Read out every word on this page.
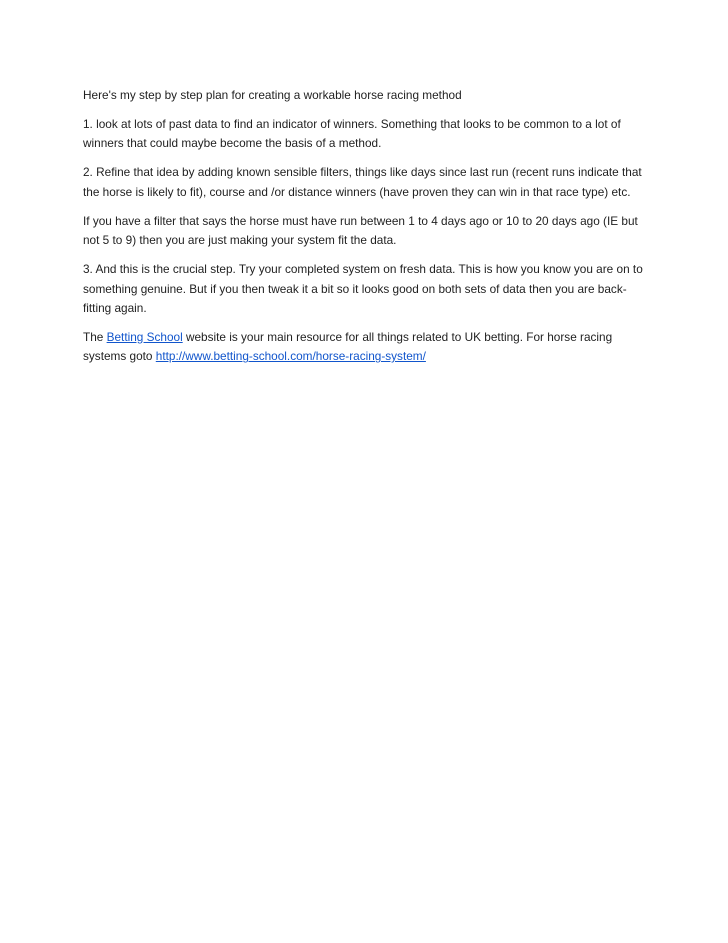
Here's my step by step plan for creating a workable horse racing method

1. look at lots of past data to find an indicator of winners. Something that looks to be common to a lot of winners that could maybe become the basis of a method.

2. Refine that idea by adding known sensible filters, things like days since last run (recent runs indicate that the horse is likely to fit), course and /or distance winners (have proven they can win in that race type) etc.

If you have a filter that says the horse must have run between 1 to 4 days ago or 10 to 20 days ago (IE but not 5 to 9) then you are just making your system fit the data.

3. And this is the crucial step. Try your completed system on fresh data. This is how you know you are on to something genuine. But if you then tweak it a bit so it looks good on both sets of data then you are back-fitting again.

The Betting School website is your main resource for all things related to UK betting. For horse racing systems goto http://www.betting-school.com/horse-racing-system/
